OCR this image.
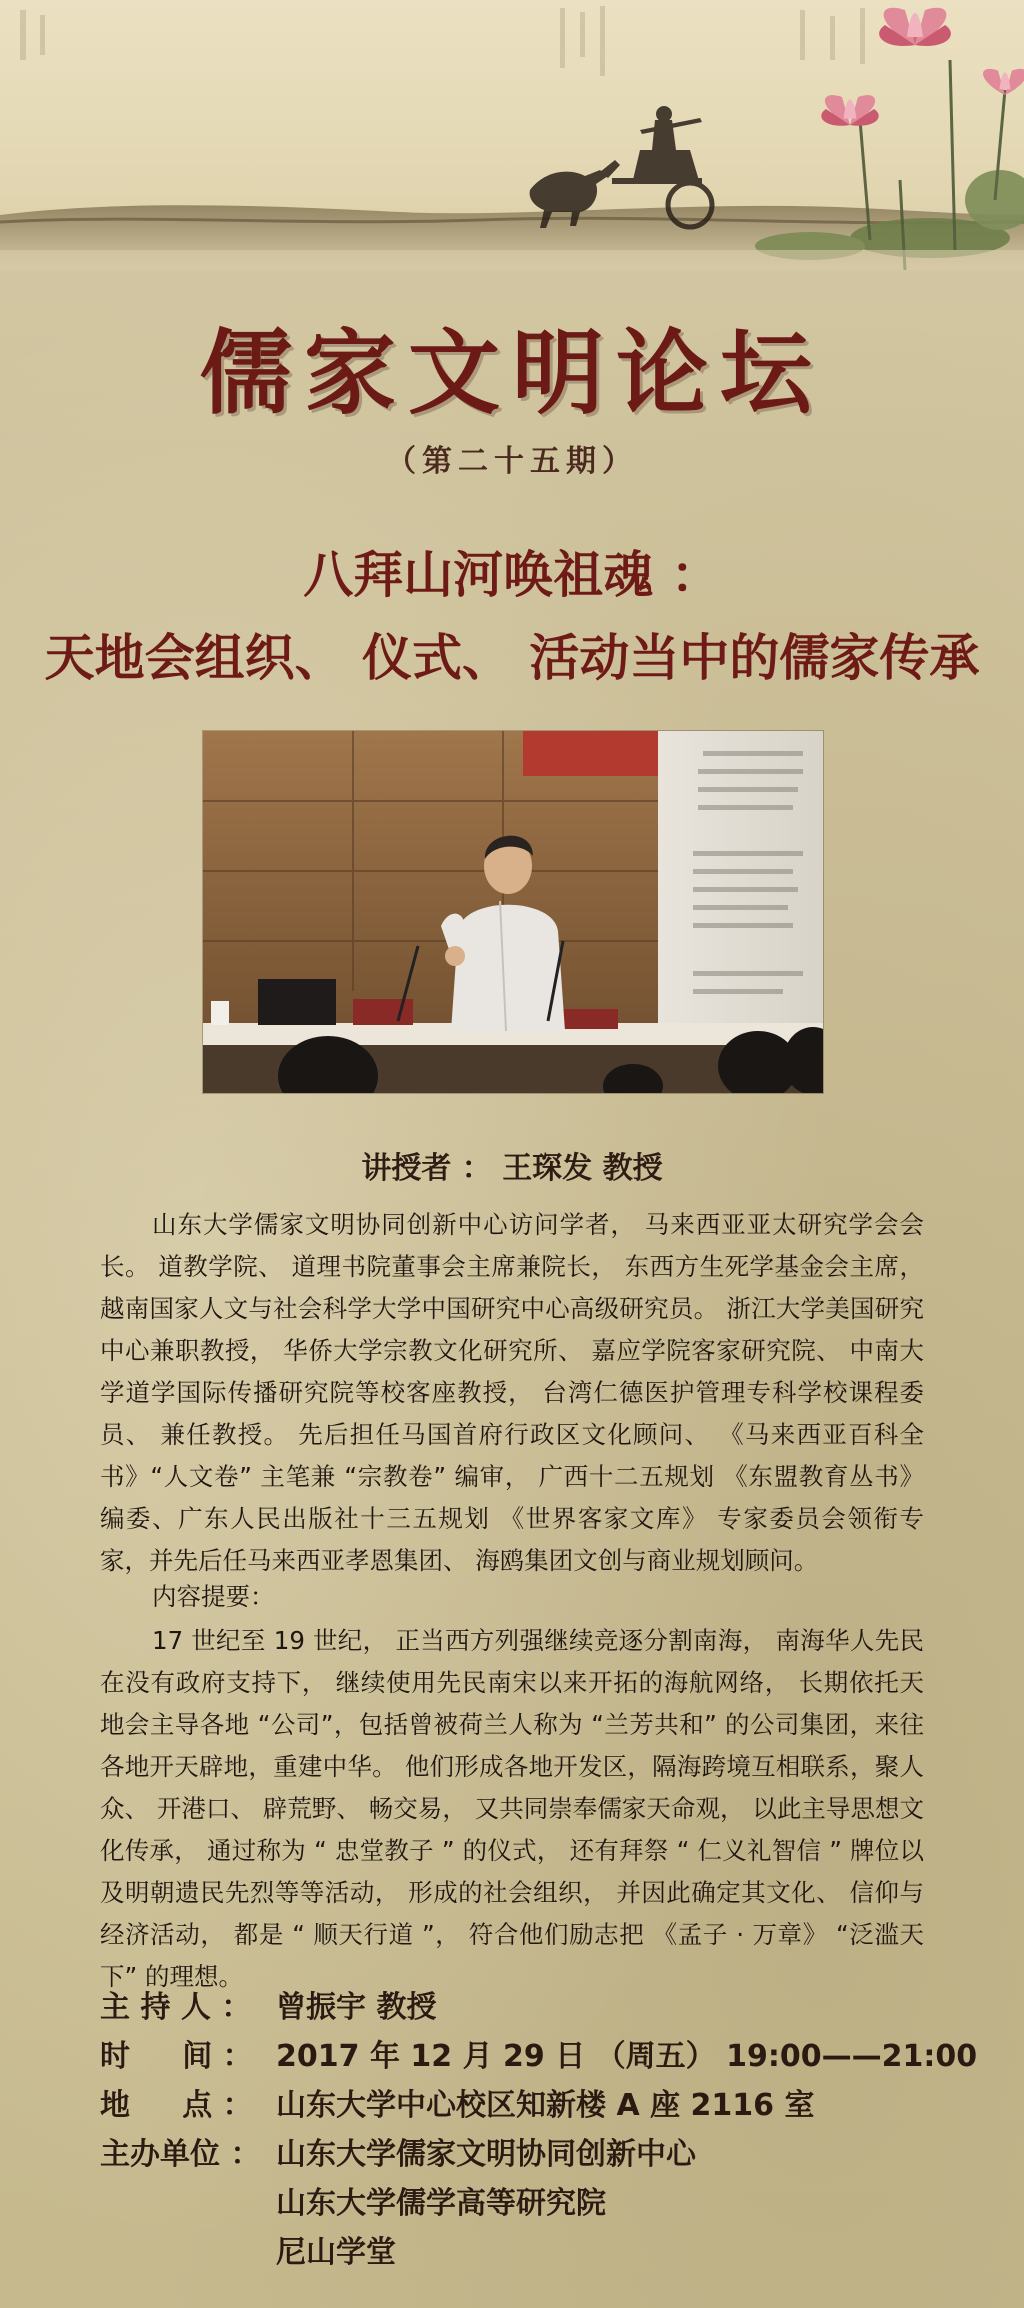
儒家文明论坛
（第二十五期）
八拜山河唤祖魂 ：
天地会组织、 仪式、 活动当中的儒家传承
讲授者 ： 王琛发 教授

山东大学儒家文明协同创新中心访问学者， 马来西亚亚太研究学会会长。 道教学院、 道理书院董事会主席兼院长， 东西方生死学基金会主席，越南国家人文与社会科学大学中国研究中心高级研究员。 浙江大学美国研究中心兼职教授， 华侨大学宗教文化研究所、 嘉应学院客家研究院、 中南大学道学国际传播研究院等校客座教授， 台湾仁德医护管理专科学校课程委员、 兼任教授。 先后担任马国首府行政区文化顾问、 《马来西亚百科全书》“人文卷” 主笔兼 “宗教卷” 编审， 广西十二五规划 《东盟教育丛书》编委、广东人民出版社十三五规划 《世界客家文库》 专家委员会领衔专家，并先后任马来西亚孝恩集团、 海鸥集团文创与商业规划顾问。

内容提要：

17 世纪至 19 世纪， 正当西方列强继续竞逐分割南海， 南海华人先民在没有政府支持下， 继续使用先民南宋以来开拓的海航网络， 长期依托天地会主导各地 “公司”，包括曾被荷兰人称为 “兰芳共和” 的公司集团，来往各地开天辟地，重建中华。 他们形成各地开发区，隔海跨境互相联系，聚人众、 开港口、 辟荒野、 畅交易， 又共同崇奉儒家天命观， 以此主导思想文化传承， 通过称为 “ 忠堂教子 ” 的仪式， 还有拜祭 “ 仁义礼智信 ” 牌位以及明朝遗民先烈等等活动， 形成的社会组织， 并因此确定其文化、 信仰与经济活动， 都是 “ 顺天行道 ”， 符合他们励志把 《孟子 · 万章》 “泛滥天下” 的理想。

主 持 人 ： 曾振宇 教授
时     间 ： 2017 年 12 月 29 日 （周五） 19:00——21:00
地     点 ： 山东大学中心校区知新楼 A 座 2116 室
主办单位 ： 山东大学儒家文明协同创新中心
山东大学儒学高等研究院
尼山学堂
